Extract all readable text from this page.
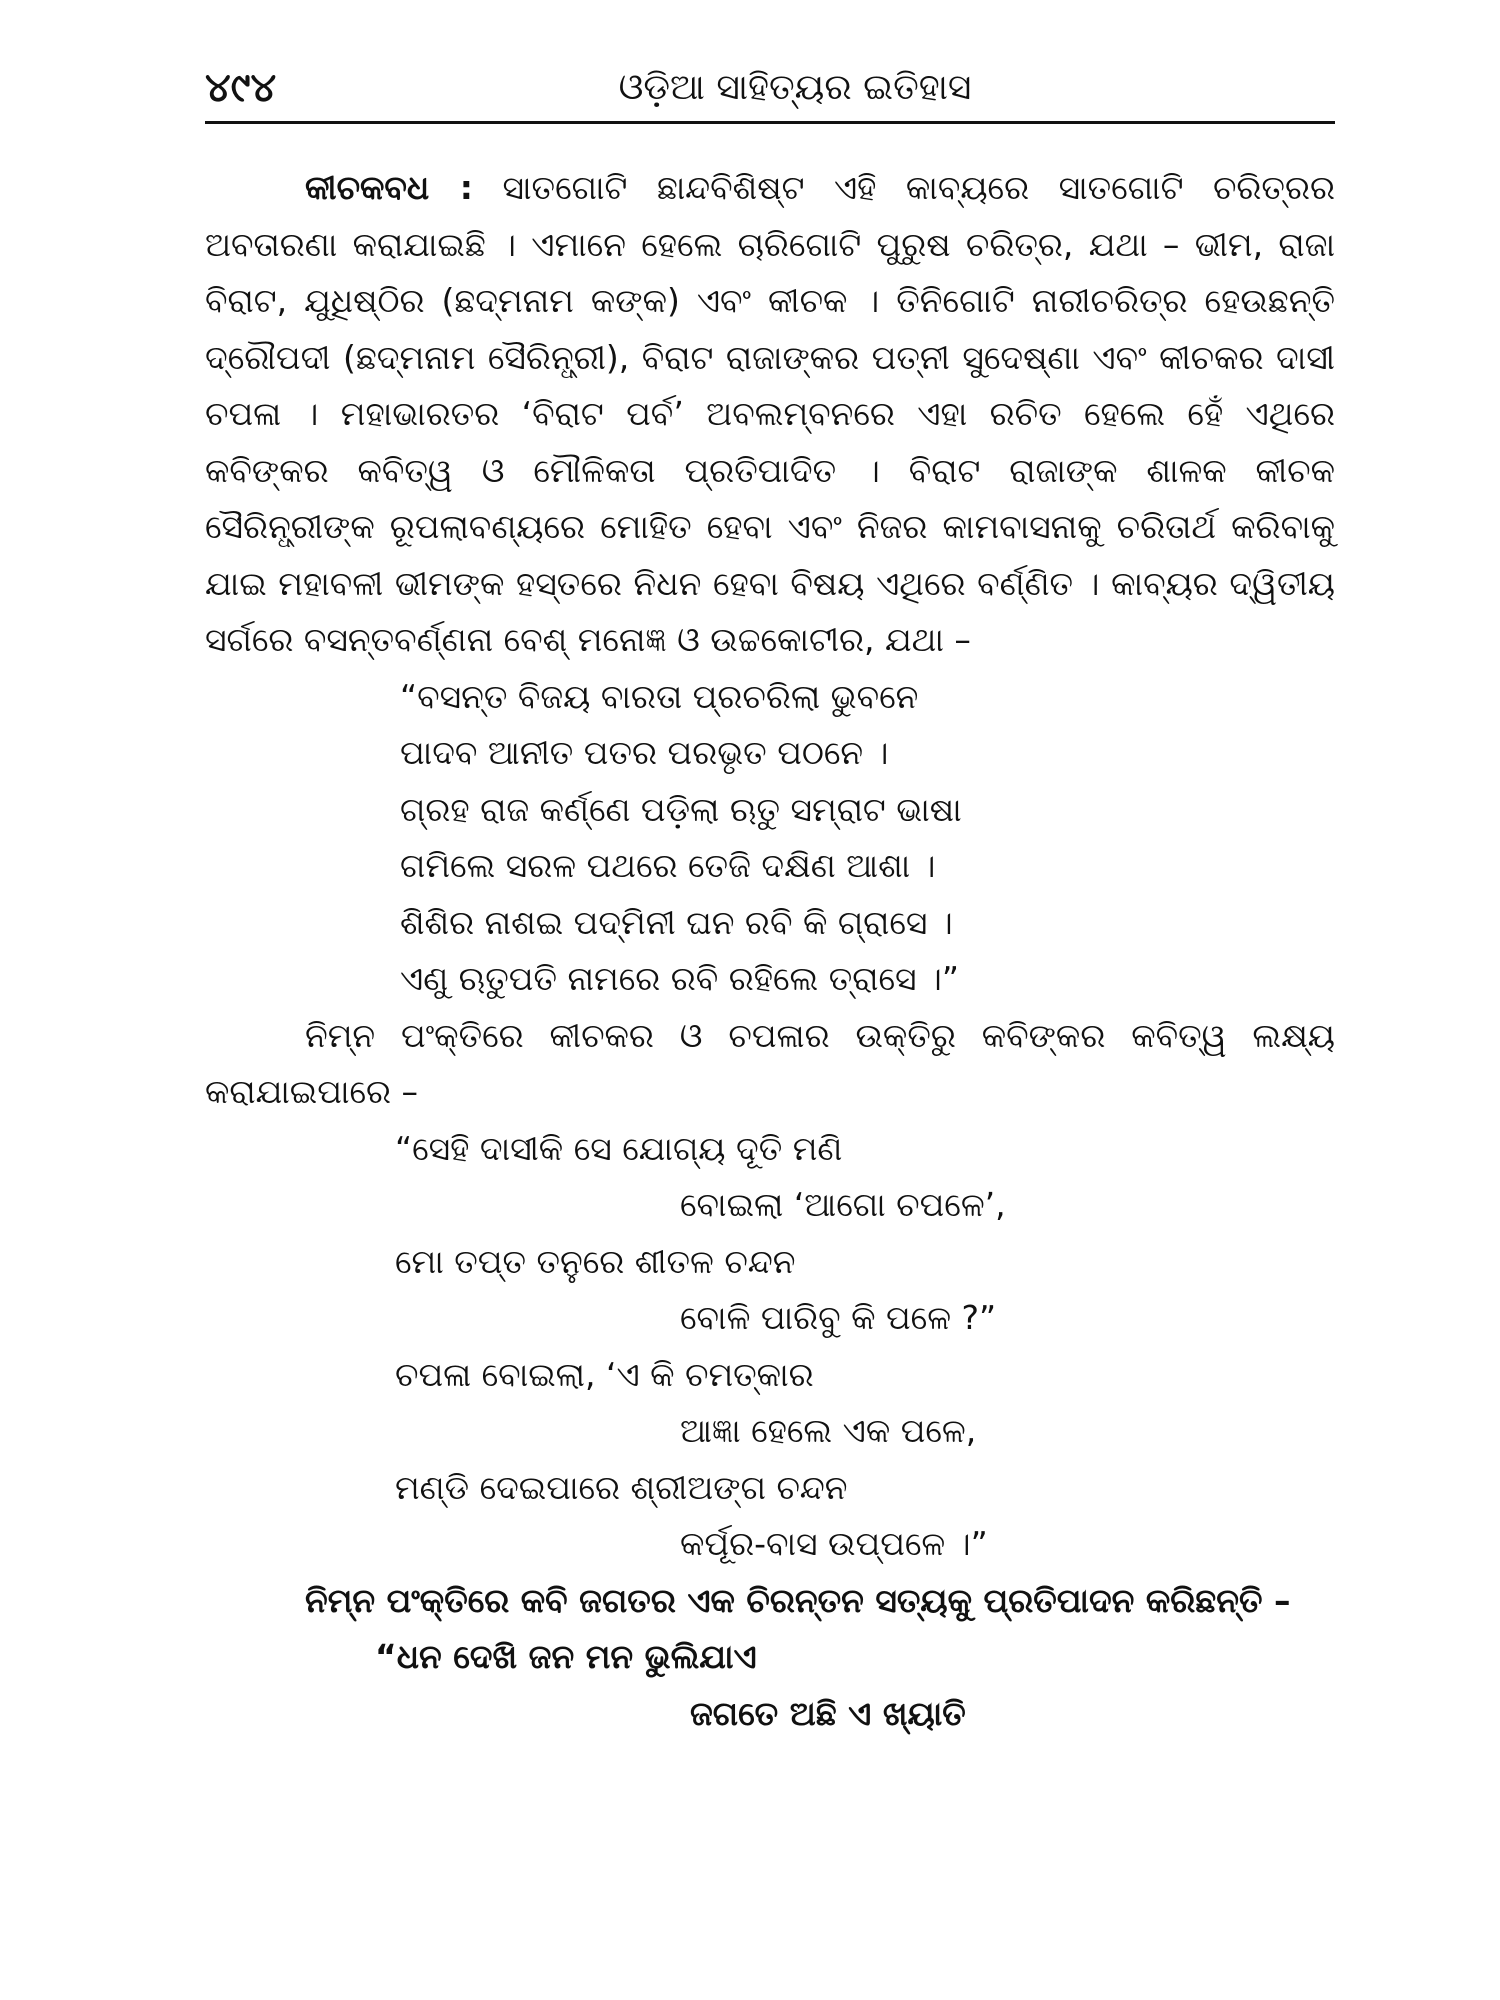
୪୯୪	ଓଡ଼ିଆ ସାହିତ୍ୟର ଇତିହାସ

କୀଚକବଧ : ସାତଗୋଟି ଛାନ୍ଦବିଶିଷ୍ଟ ଏହି କାବ୍ୟରେ ସାତଗୋଟି ଚରିତ୍ରର ଅବତାରଣା କରାଯାଇଛି । ଏମାନେ ହେଲେ ଚାରିଗୋଟି ପୁରୁଷ ଚରିତ୍ର, ଯଥା – ଭୀମ, ରାଜା ବିରାଟ, ଯୁଧିଷ୍ଠିର (ଛଦ୍ମନାମ କଙ୍କ) ଏବଂ କୀଚକ । ତିନିଗୋଟି ନାରୀଚରିତ୍ର ହେଉଛନ୍ତି ଦ୍ରୌପଦୀ (ଛଦ୍ମନାମ ସୈରିନ୍ଧ୍ରୀ), ବିରାଟ ରାଜାଙ୍କର ପତ୍ନୀ ସୁଦେଷ୍ଣା ଏବଂ କୀଚକର ଦାସୀ ଚପଳା । ମହାଭାରତର ‘ବିରାଟ ପର୍ବ’ ଅବଲମ୍ବନରେ ଏହା ରଚିତ ହେଲେ ହେଁ ଏଥିରେ କବିଙ୍କର କବିତ୍ୱ ଓ ମୌଳିକତା ପ୍ରତିପାଦିତ । ବିରାଟ ରାଜାଙ୍କ ଶାଳକ କୀଚକ ସୈରିନ୍ଧ୍ରୀଙ୍କ ରୂପଲାବଣ୍ୟରେ ମୋହିତ ହେବା ଏବଂ ନିଜର କାମବାସନାକୁ ଚରିତାର୍ଥ କରିବାକୁ ଯାଇ ମହାବଳୀ ଭୀମଙ୍କ ହସ୍ତରେ ନିଧନ ହେବା ବିଷୟ ଏଥିରେ ବର୍ଣ୍ଣିତ । କାବ୍ୟର ଦ୍ୱିତୀୟ ସର୍ଗରେ ବସନ୍ତବର୍ଣ୍ଣନା ବେଶ୍ ମନୋଜ୍ଞ ଓ ଉଚ୍ଚକୋଟୀର, ଯଥା –

“ବସନ୍ତ ବିଜୟ ବାରତା ପ୍ରଚରିଲା ଭୁବନେ
ପାଦବ ଆନୀତ ପତର ପରଭୃତ ପଠନେ ।
ଗ୍ରହ ରାଜ କର୍ଣ୍ଣେ ପଡ଼ିଲା ଋତୁ ସମ୍ରାଟ ଭାଷା
ଗମିଲେ ସରଳ ପଥରେ ତେଜି ଦକ୍ଷିଣ ଆଶା ।
ଶିଶିର ନାଶଇ ପଦ୍ମିନୀ ଘନ ରବି କି ଗ୍ରାସେ ।
ଏଣୁ ଋତୁପତି ନାମରେ ରବି ରହିଲେ ତ୍ରାସେ ।”

ନିମ୍ନ ପଂକ୍ତିରେ କୀଚକର ଓ ଚପଳାର ଉକ୍ତିରୁ କବିଙ୍କର କବିତ୍ୱ ଲକ୍ଷ୍ୟ କରାଯାଇପାରେ –

“ସେହି ଦାସୀକି ସେ ଯୋଗ୍ୟ ଦୂତି ମଣି
ବୋଇଲା ‘ଆଗୋ ଚପଳେ’,
ମୋ ତପ୍ତ ତନୁରେ ଶୀତଳ ଚନ୍ଦନ
ବୋଳି ପାରିବୁ କି ପଳେ ?”
ଚପଳା ବୋଇଲା, ‘ଏ କି ଚମତ୍କାର
ଆଜ୍ଞା ହେଲେ ଏକ ପଳେ,
ମଣ୍ଡି ଦେଇପାରେ ଶ୍ରୀଅଙ୍ଗ ଚନ୍ଦନ
କର୍ପୂର-ବାସ ଉପ୍ପଳେ ।”

ନିମ୍ନ ପଂକ୍ତିରେ କବି ଜଗତର ଏକ ଚିରନ୍ତନ ସତ୍ୟକୁ ପ୍ରତିପାଦନ କରିଛନ୍ତି –

“ଧନ ଦେଖି ଜନ ମନ ଭୁଲିଯାଏ
ଜଗତେ ଅଛି ଏ ଖ୍ୟାତି
